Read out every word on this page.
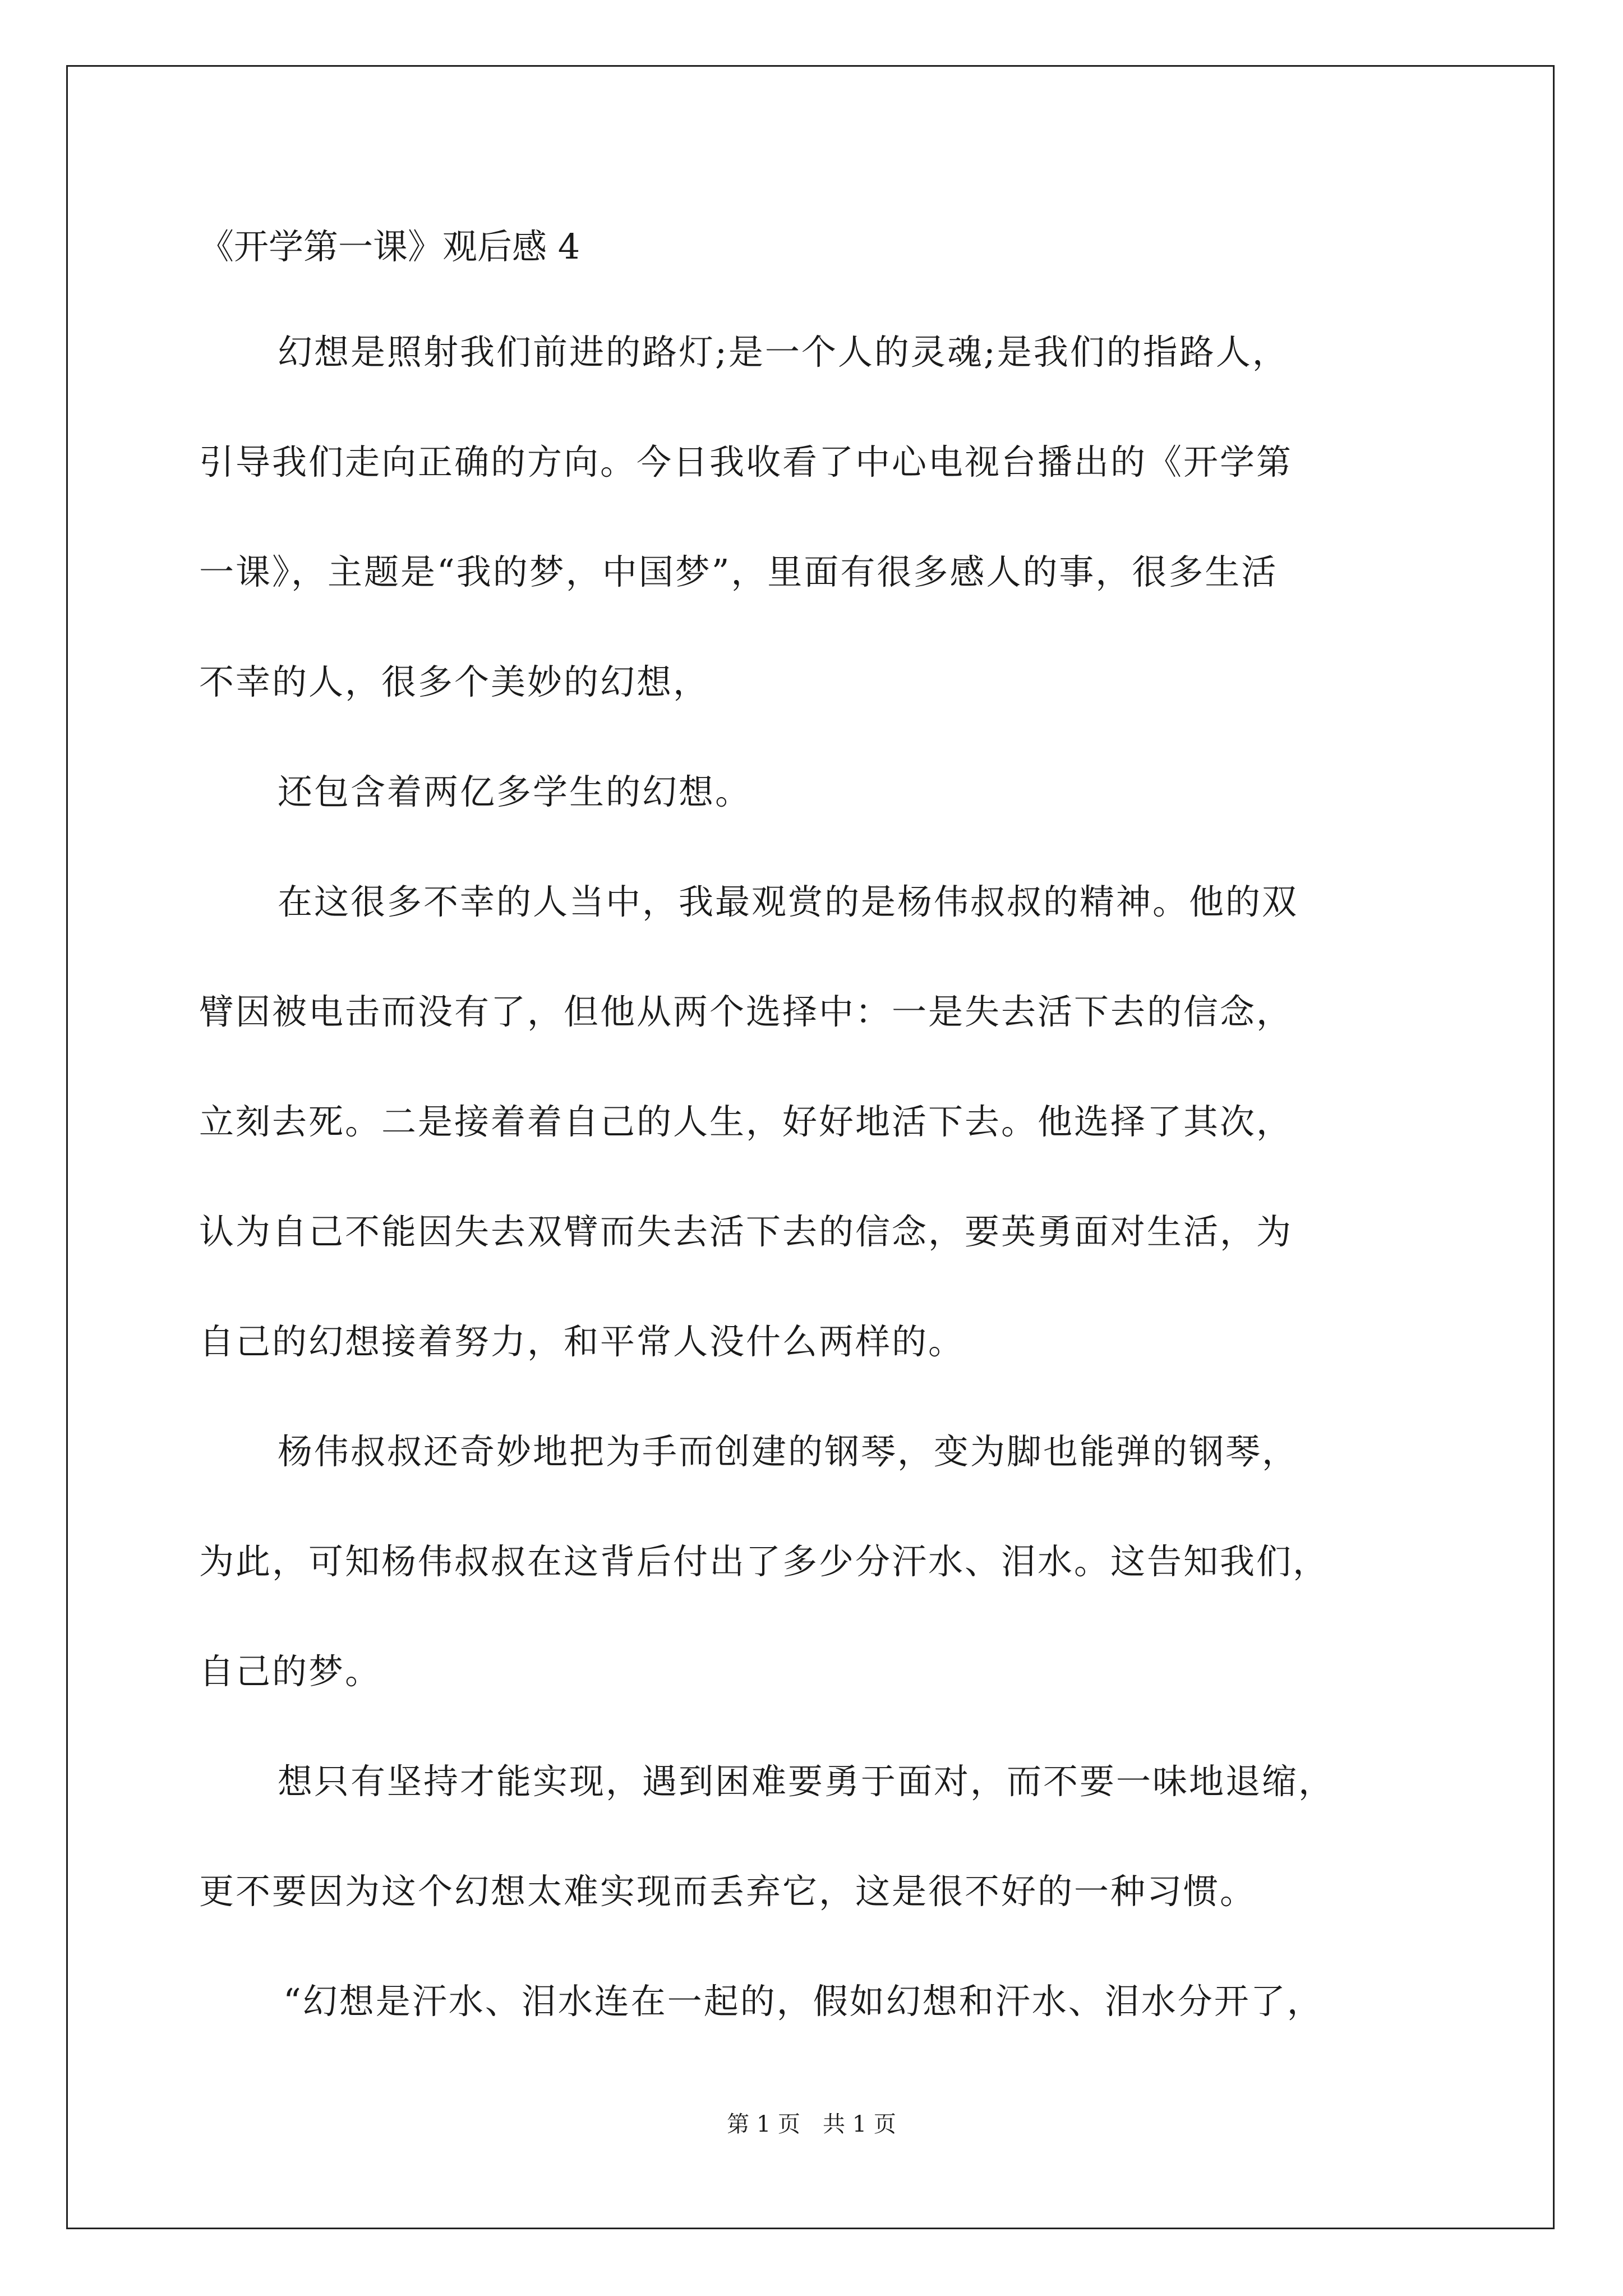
《开学第一课》观后感 4
幻想是照射我们前进的路灯;是一个人的灵魂;是我们的指路人，
引导我们走向正确的方向。今日我收看了中心电视台播出的《开学第
一课》，主题是“我的梦，中国梦”，里面有很多感人的事，很多生活
不幸的人，很多个美妙的幻想，
还包含着两亿多学生的幻想。
在这很多不幸的人当中，我最观赏的是杨伟叔叔的精神。他的双
臂因被电击而没有了，但他从两个选择中：一是失去活下去的信念，
立刻去死。二是接着着自己的人生，好好地活下去。他选择了其次，
认为自己不能因失去双臂而失去活下去的信念，要英勇面对生活，为
自己的幻想接着努力，和平常人没什么两样的。
杨伟叔叔还奇妙地把为手而创建的钢琴，变为脚也能弹的钢琴，
为此，可知杨伟叔叔在这背后付出了多少分汗水、泪水。这告知我们，
自己的梦。
想只有坚持才能实现，遇到困难要勇于面对，而不要一味地退缩，
更不要因为这个幻想太难实现而丢弃它，这是很不好的一种习惯。
“幻想是汗水、泪水连在一起的，假如幻想和汗水、泪水分开了，
第 1 页　共 1 页
